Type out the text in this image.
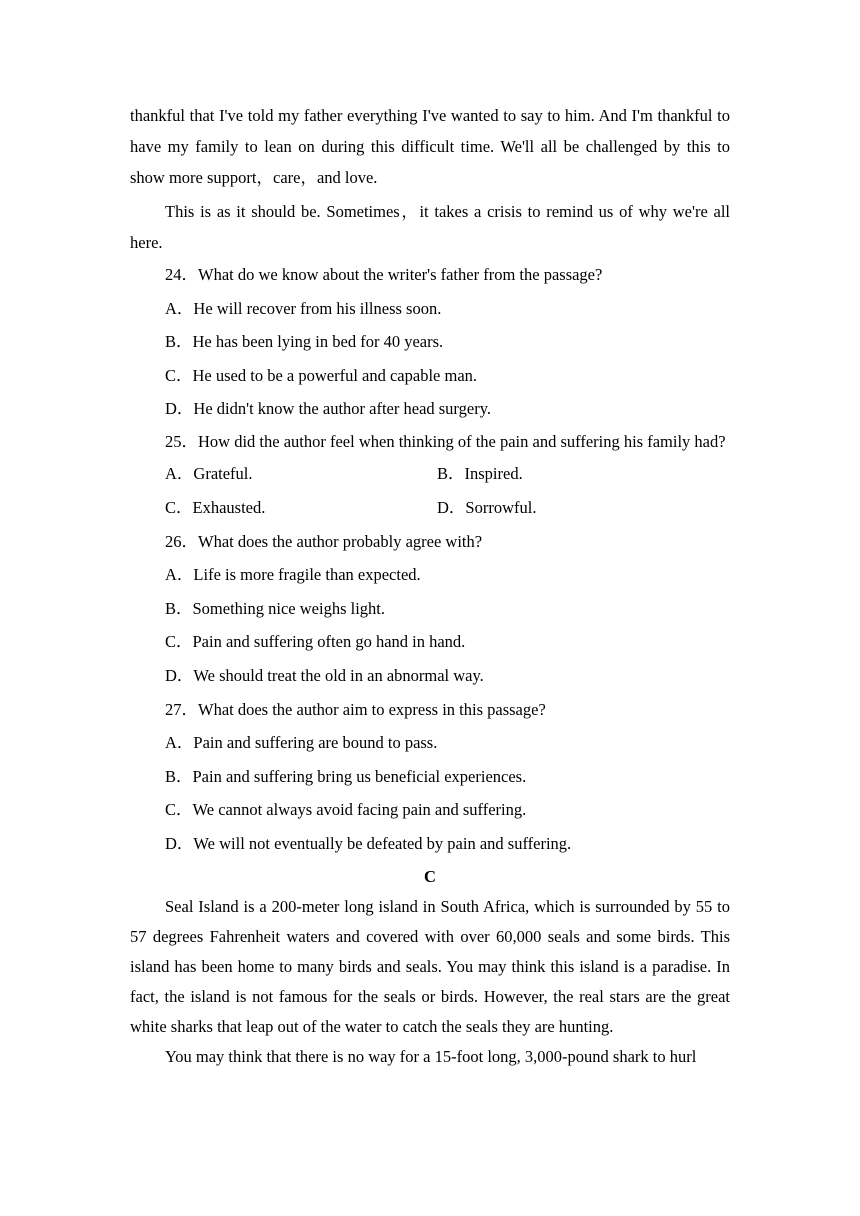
thankful that I've told my father everything I've wanted to say to him. And I'm thankful to have my family to lean on during this difficult time. We'll all be challenged by this to show more support，care，and love.

This is as it should be. Sometimes，it takes a crisis to remind us of why we're all here.

24．What do we know about the writer's father from the passage?

A．He will recover from his illness soon.

B．He has been lying in bed for 40 years.

C．He used to be a powerful and capable man.

D．He didn't know the author after head surgery.

25．How did the author feel when thinking of the pain and suffering his family had?

A．Grateful.	B．Inspired.
C．Exhausted.	D．Sorrowful.

26．What does the author probably agree with?

A．Life is more fragile than expected.

B．Something nice weighs light.

C．Pain and suffering often go hand in hand.

D．We should treat the old in an abnormal way.

27．What does the author aim to express in this passage?

A．Pain and suffering are bound to pass.

B．Pain and suffering bring us beneficial experiences.

C．We cannot always avoid facing pain and suffering.

D．We will not eventually be defeated by pain and suffering.

C

Seal Island is a 200-meter long island in South Africa, which is surrounded by 55 to 57 degrees Fahrenheit waters and covered with over 60,000 seals and some birds. This island has been home to many birds and seals. You may think this island is a paradise. In fact, the island is not famous for the seals or birds. However, the real stars are the great white sharks that leap out of the water to catch the seals they are hunting.

You may think that there is no way for a 15-foot long, 3,000-pound shark to hurl
